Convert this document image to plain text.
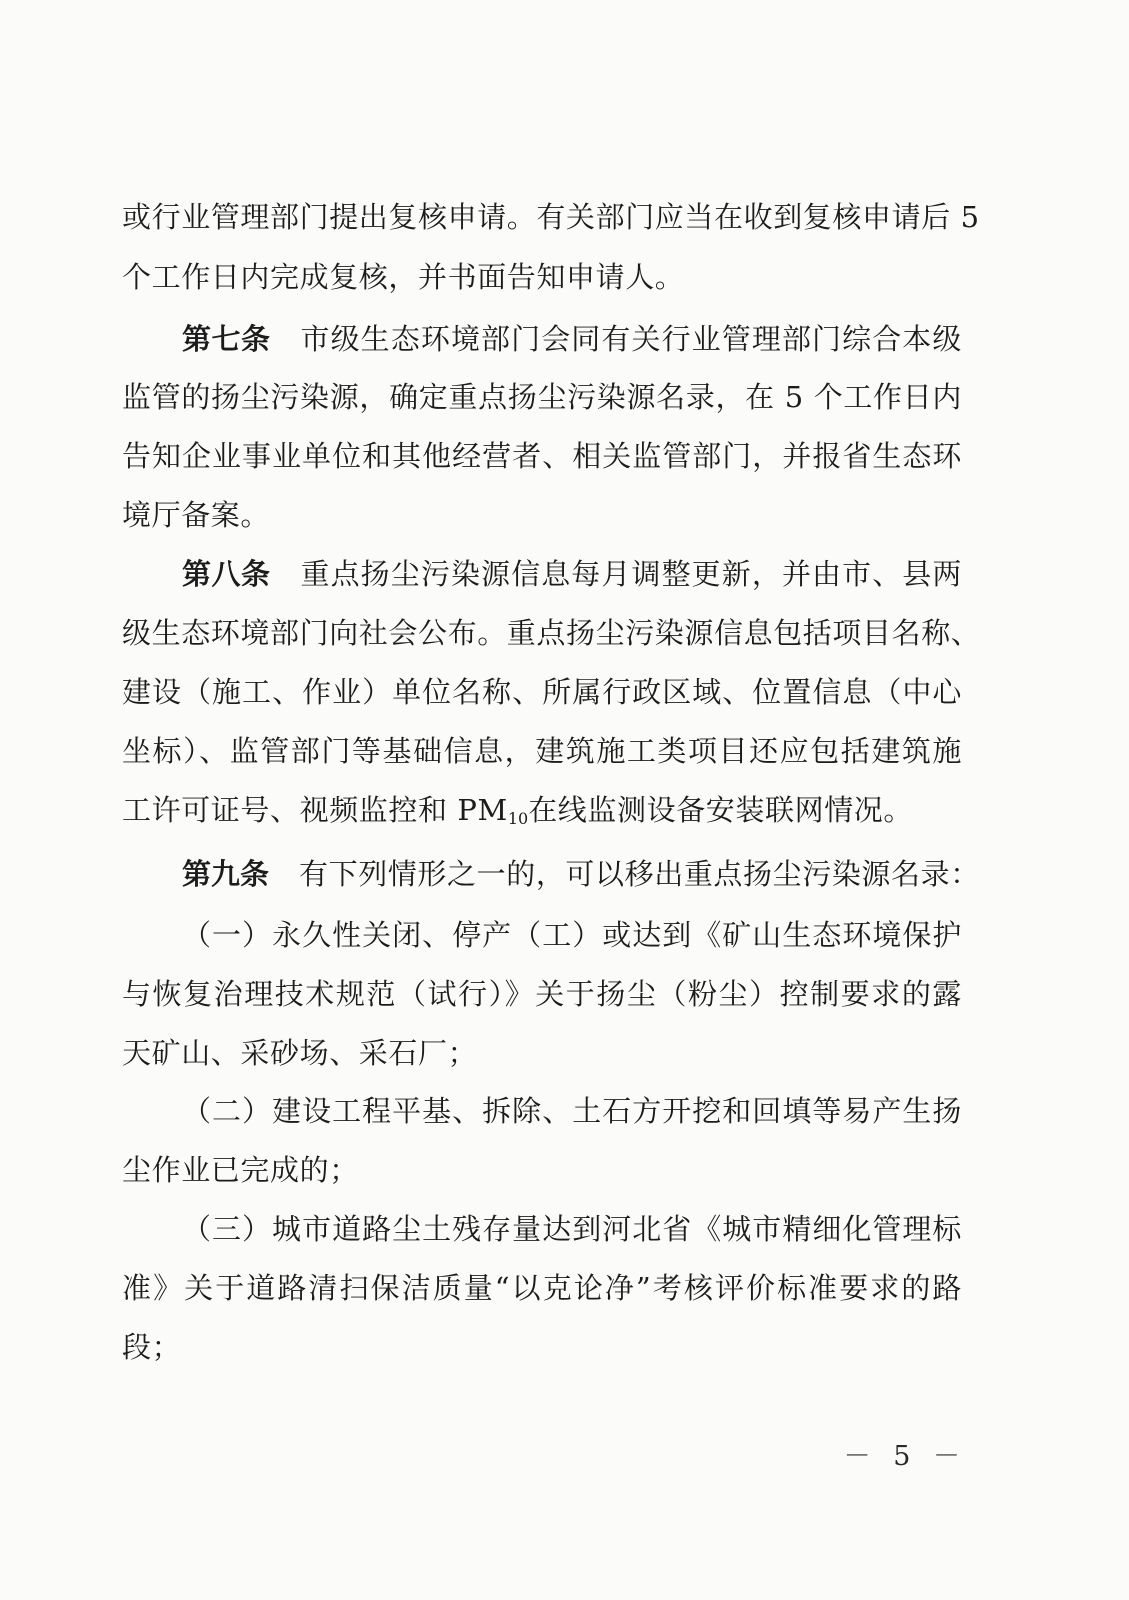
或行业管理部门提出复核申请。有关部门应当在收到复核申请后 5
个工作日内完成复核，并书面告知申请人。
第七条 市级生态环境部门会同有关行业管理部门综合本级
监管的扬尘污染源，确定重点扬尘污染源名录，在 5 个工作日内
告知企业事业单位和其他经营者、相关监管部门，并报省生态环
境厅备案。
第八条 重点扬尘污染源信息每月调整更新，并由市、县两
级生态环境部门向社会公布。重点扬尘污染源信息包括项目名称、
建设（施工、作业）单位名称、所属行政区域、位置信息（中心
坐标）、监管部门等基础信息，建筑施工类项目还应包括建筑施
工许可证号、视频监控和 $PM_{10}$在线监测设备安装联网情况。
第九条 有下列情形之一的，可以移出重点扬尘污染源名录：
（一）永久性关闭、停产（工）或达到《矿山生态环境保护
与恢复治理技术规范（试行）》关于扬尘（粉尘）控制要求的露
天矿山、采砂场、采石厂；
（二）建设工程平基、拆除、土石方开挖和回填等易产生扬
尘作业已完成的；
（三）城市道路尘土残存量达到河北省《城市精细化管理标
准》关于道路清扫保洁质量“以克论净”考核评价标准要求的路
段；
－ 5 －
